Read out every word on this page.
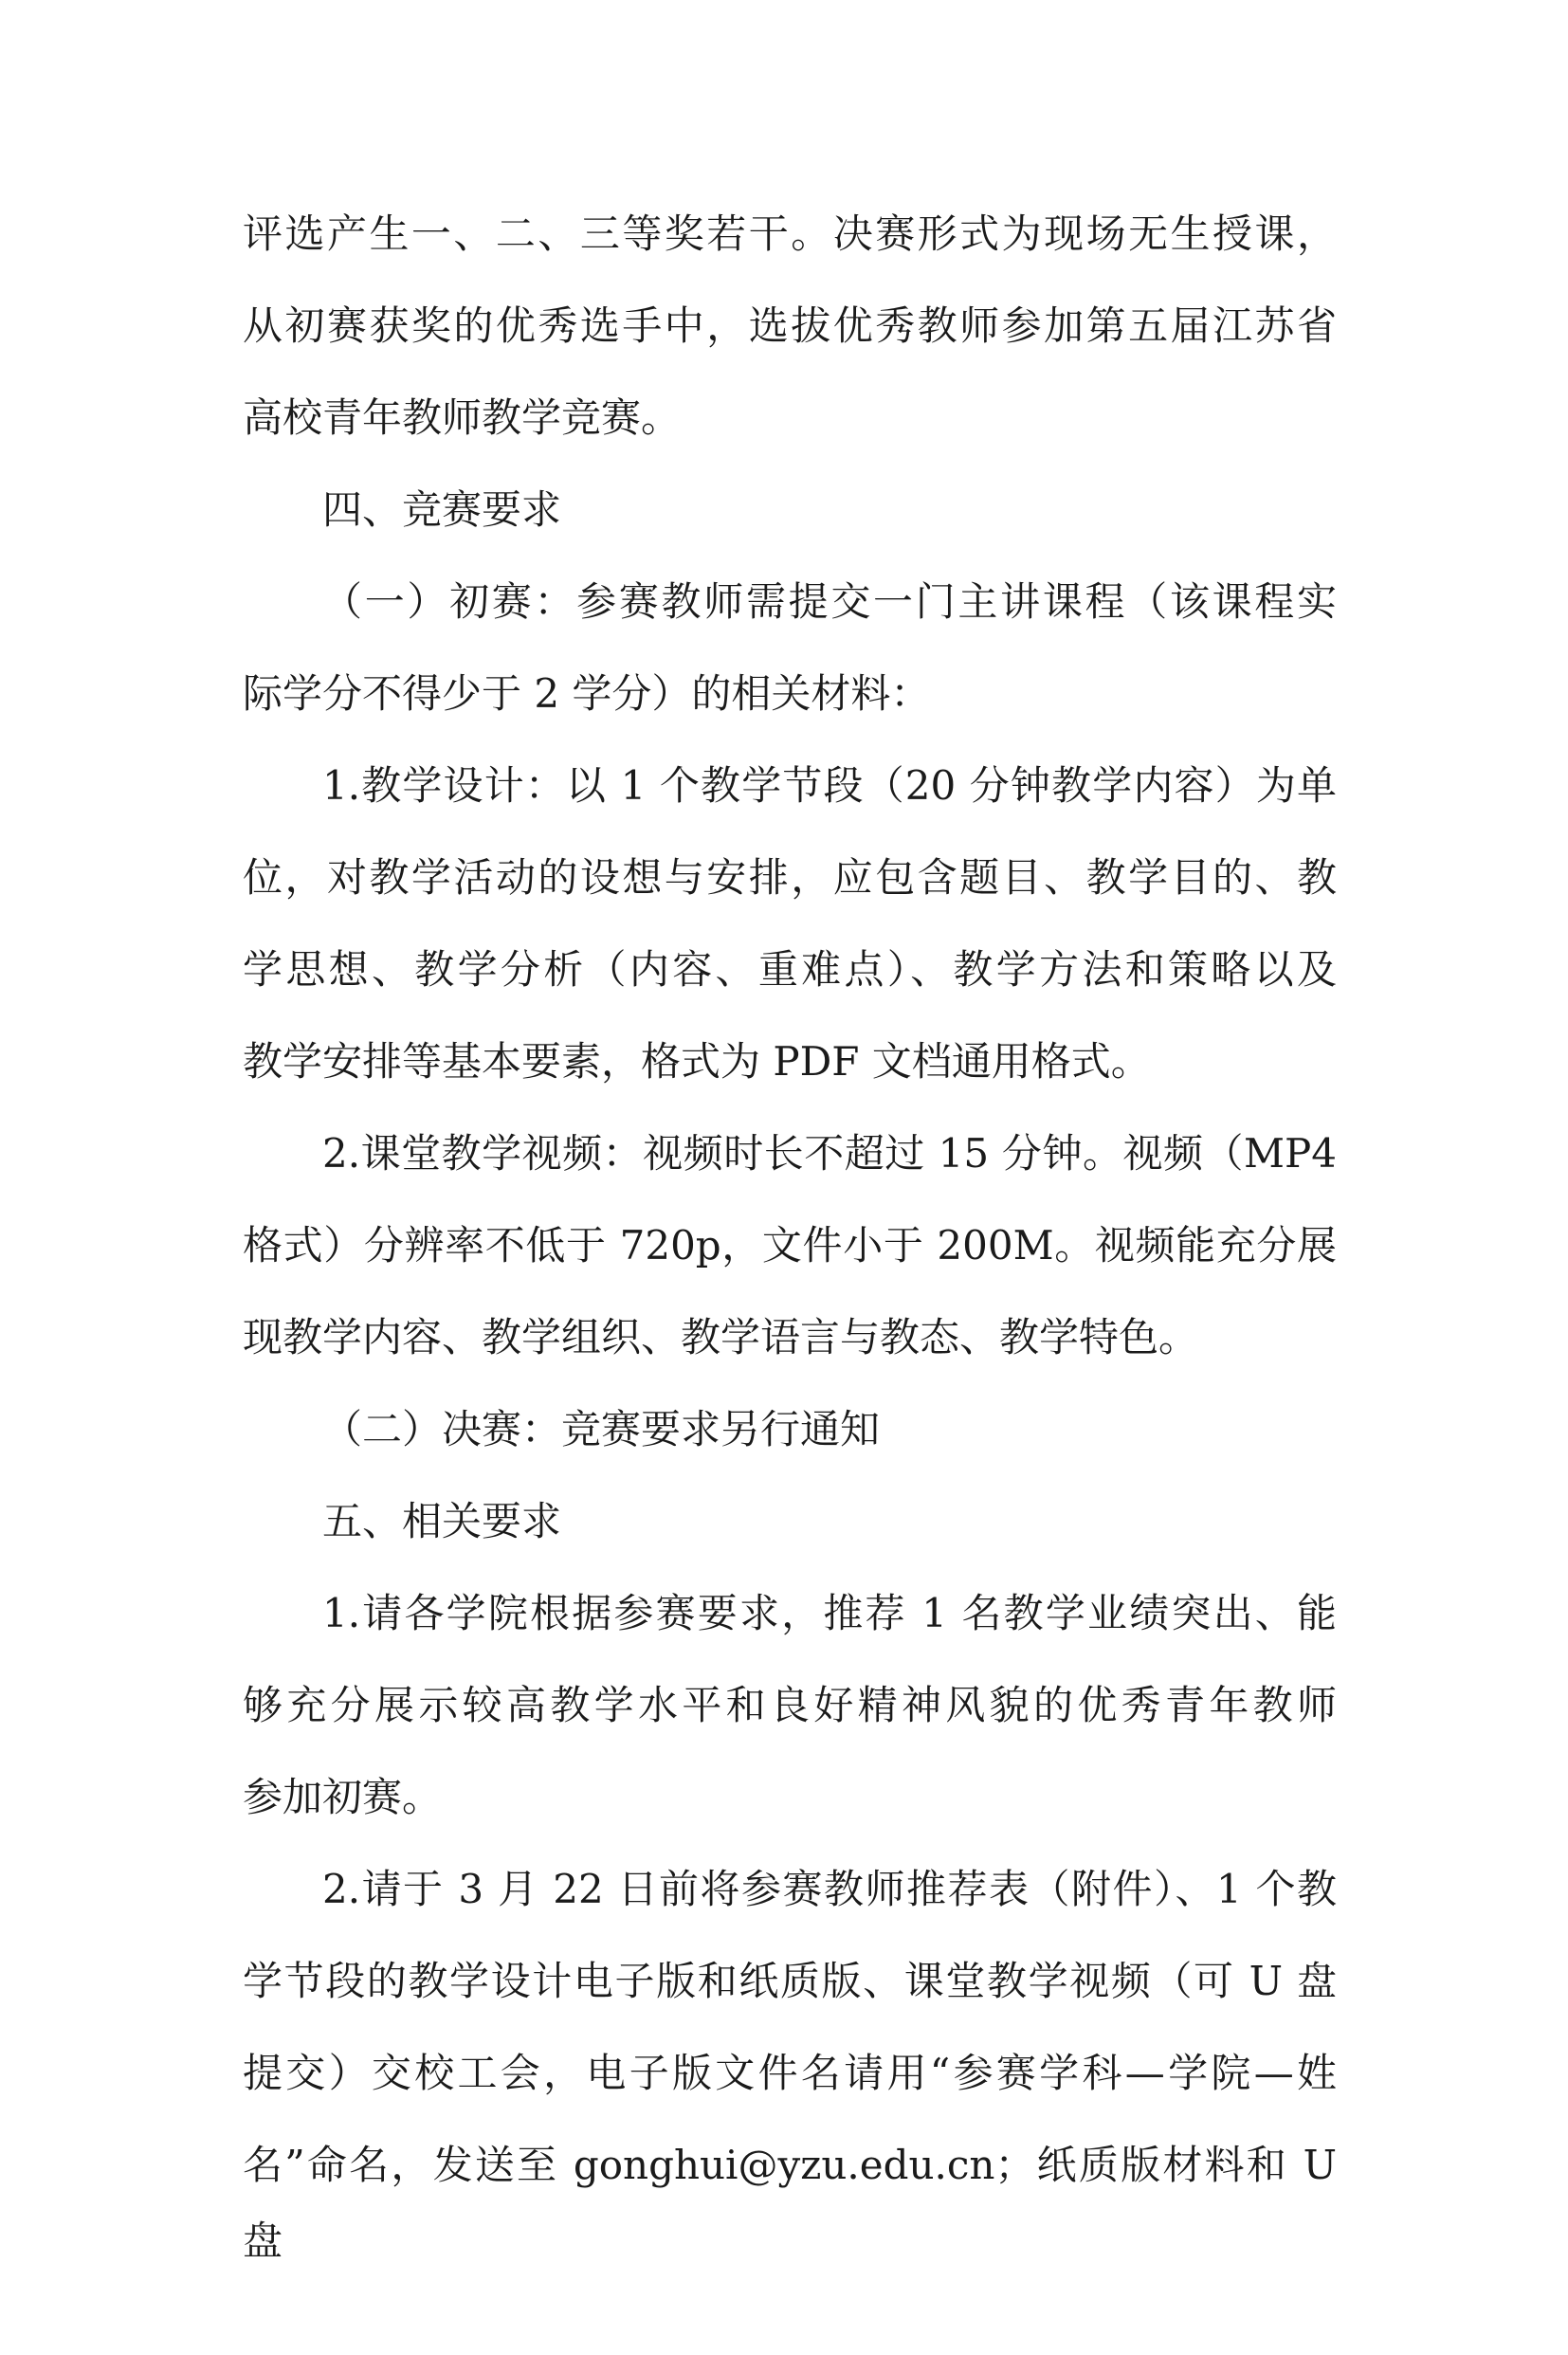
评选产生一、二、三等奖若干。决赛形式为现场无生授课，

从初赛获奖的优秀选手中，选拔优秀教师参加第五届江苏省

高校青年教师教学竞赛。

四、竞赛要求

（一）初赛：参赛教师需提交一门主讲课程（该课程实

际学分不得少于 2 学分）的相关材料：

1.教学设计：以 1 个教学节段（20 分钟教学内容）为单

位，对教学活动的设想与安排，应包含题目、教学目的、教

学思想、教学分析（内容、重难点）、教学方法和策略以及

教学安排等基本要素，格式为 PDF 文档通用格式。

2.课堂教学视频：视频时长不超过 15 分钟。视频（MP4

格式）分辨率不低于 720p，文件小于 200M。视频能充分展

现教学内容、教学组织、教学语言与教态、教学特色。

（二）决赛：竞赛要求另行通知

五、相关要求

1.请各学院根据参赛要求，推荐 1 名教学业绩突出、能

够充分展示较高教学水平和良好精神风貌的优秀青年教师

参加初赛。

2.请于 3 月 22 日前将参赛教师推荐表（附件）、1 个教

学节段的教学设计电子版和纸质版、课堂教学视频（可 U 盘

提交）交校工会，电子版文件名请用“参赛学科—学院—姓

名”命名，发送至 gonghui@yzu.edu.cn；纸质版材料和 U 盘
